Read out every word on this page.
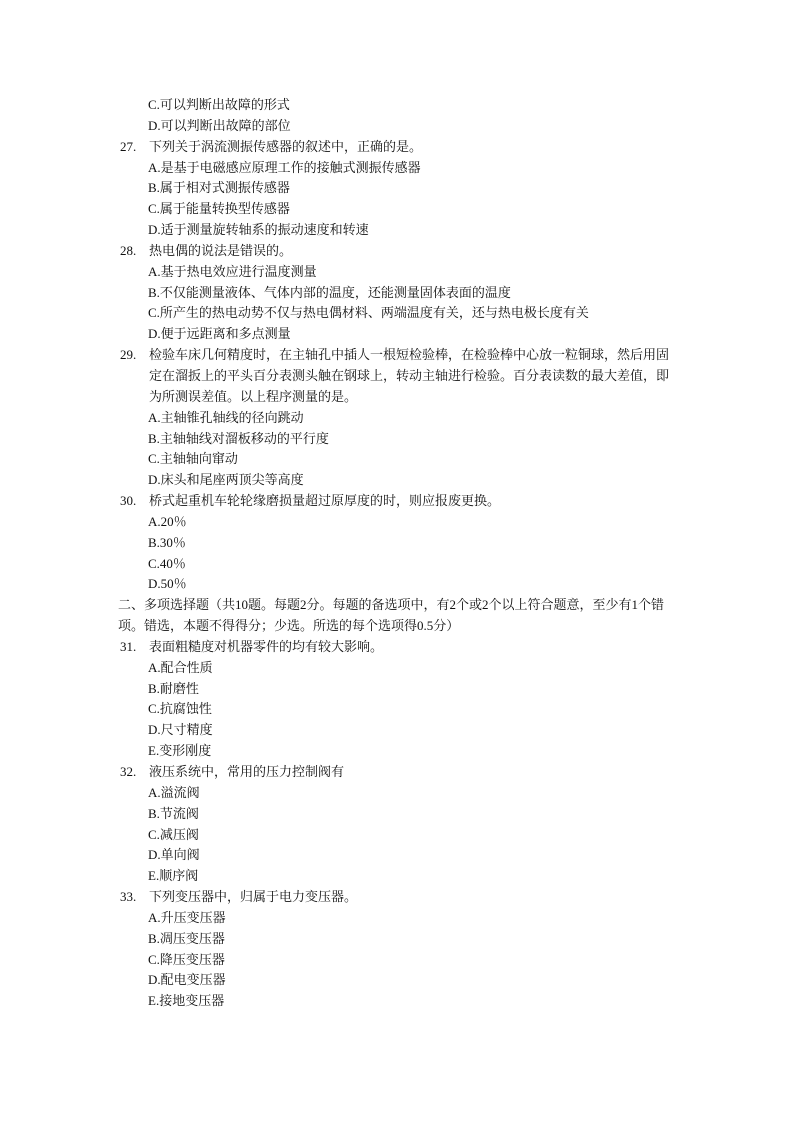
C.可以判断出故障的形式
D.可以判断出故障的部位
27. 下列关于涡流测振传感器的叙述中，正确的是。
A.是基于电磁感应原理工作的接触式测振传感器
B.属于相对式测振传感器
C.属于能量转换型传感器
D.适于测量旋转轴系的振动速度和转速
28. 热电偶的说法是错误的。
A.基于热电效应进行温度测量
B.不仅能测量液体、气体内部的温度，还能测量固体表面的温度
C.所产生的热电动势不仅与热电偶材料、两端温度有关，还与热电极长度有关
D.便于远距离和多点测量
29. 检验车床几何精度时，在主轴孔中插人一根短检验棒，在检验棒中心放一粒铜球，然后用固定在溜扳上的平头百分表测头触在钢球上，转动主轴进行检验。百分表读数的最大差值，即为所测误差值。以上程序测量的是。
A.主轴锥孔轴线的径向跳动
B.主轴轴线对溜板移动的平行度
C.主轴轴向窜动
D.床头和尾座两顶尖等高度
30. 桥式起重机车轮轮缘磨损量超过原厚度的时，则应报废更换。
A.20％
B.30％
C.40％
D.50％
二、多项选择题（共10题。每题2分。每题的备选项中，有2个或2个以上符合题意，至少有1个错项。错选，本题不得得分；少选。所选的每个选项得0.5分）
31. 表面粗糙度对机器零件的均有较大影响。
A.配合性质
B.耐磨性
C.抗腐蚀性
D.尺寸精度
E.变形刚度
32. 液压系统中，常用的压力控制阀有
A.溢流阀
B.节流阀
C.减压阀
D.单向阀
E.顺序阀
33. 下列变压器中，归属于电力变压器。
A.升压变压器
B.凋压变压器
C.降压变压器
D.配电变压器
E.接地变压器
